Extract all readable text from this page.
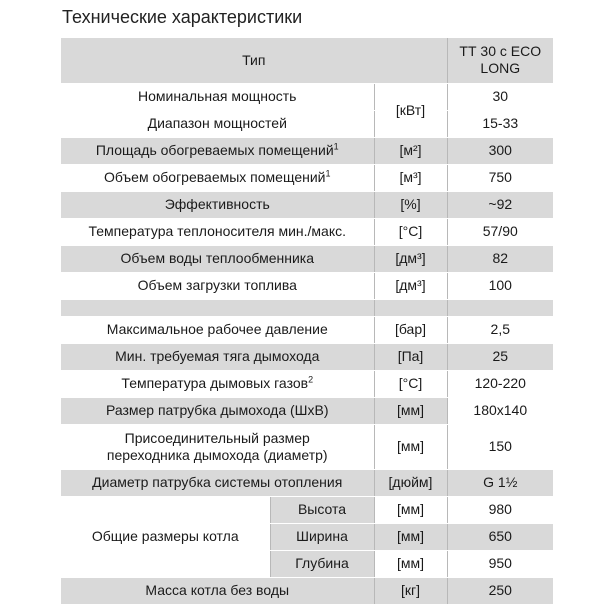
Технические характеристики
Тип			ТТ 30 с ECO LONG
Номинальная мощность		[кВт]	30
Диапазон мощностей			15-33
Площадь обогреваемых помещений$^1$		[м²]	300
Объем обогреваемых помещений$^1$		[м³]	750
Эффективность		[%]	~92
Температура теплоносителя мин./макс.		[°С]	57/90
Объем воды теплообменника		[дм³]	82
Объем загрузки топлива		[дм³]	100

Максимальное рабочее давление		[бар]	2,5
Мин. требуемая тяга дымохода		[Па]	25
Температура дымовых газов$^2$		[°С]	120-220
Размер патрубка дымохода (ШхВ)		[мм]	180х140

Присоединительный размер
переходника дымохода (диаметр)		[мм]	150
Диаметр патрубка системы отопления		[дюйм]	G 1½
Общие размеры котла	Высота	[мм]	980
	Ширина	[мм]	650
	Глубина	[мм]	950
Масса котла без воды		[кг]	250
